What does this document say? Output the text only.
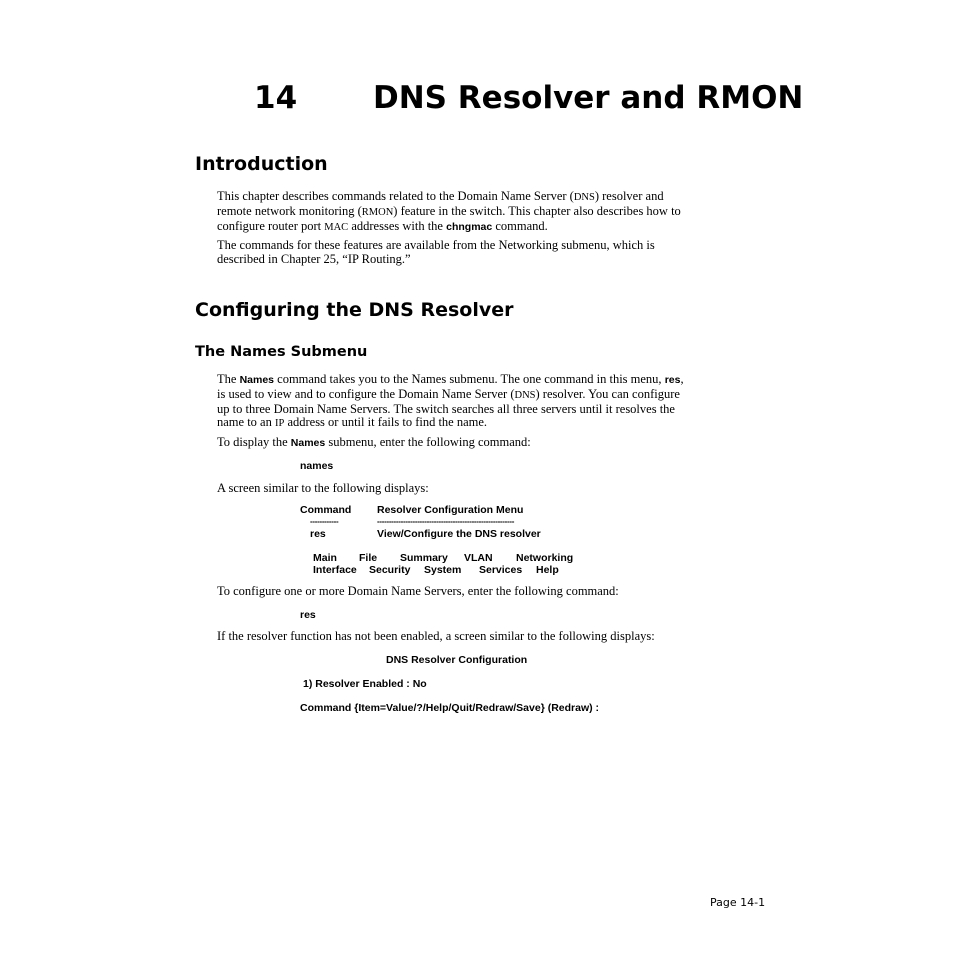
14 DNS Resolver and RMON
Introduction
This chapter describes commands related to the Domain Name Server (DNS) resolver and
remote network monitoring (RMON) feature in the switch. This chapter also describes how to
configure router port MAC addresses with the chngmac command.
The commands for these features are available from the Networking submenu, which is
described in Chapter 25, “IP Routing.”
Configuring the DNS Resolver
The Names Submenu
The Names command takes you to the Names submenu. The one command in this menu, res,
is used to view and to configure the Domain Name Server (DNS) resolver. You can configure
up to three Domain Name Servers. The switch searches all three servers until it resolves the
name to an IP address or until it fails to find the name.
To display the Names submenu, enter the following command:
names
A screen similar to the following displays:
Command Resolver Configuration Menu
------------	----------------------------------------------------------
res	View/Configure the DNS resolver
Main File Summary VLAN Networking
Interface Security System Services Help
To configure one or more Domain Name Servers, enter the following command:
res
If the resolver function has not been enabled, a screen similar to the following displays:
DNS Resolver Configuration
1) Resolver Enabled : No
Command {Item=Value/?/Help/Quit/Redraw/Save} (Redraw) :
Page 14-1
